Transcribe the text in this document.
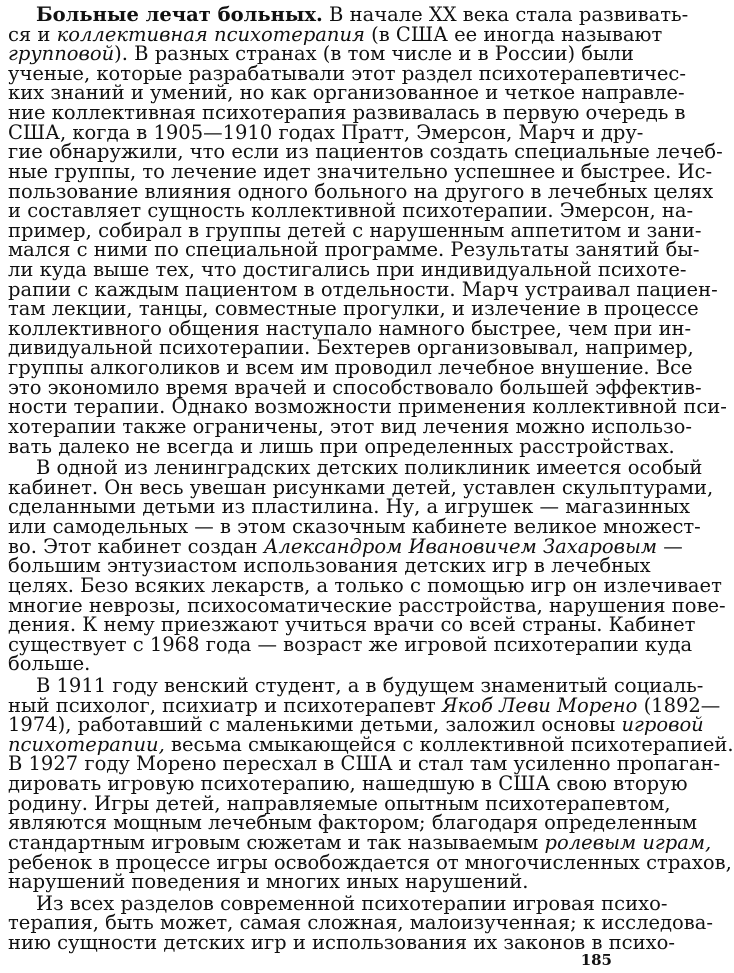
Больные лечат больных. В начале XX века стала развивать-
ся и коллективная психотерапия (в США ее иногда называют
групповой). В разных странах (в том числе и в России) были
ученые, которые разрабатывали этот раздел психотерапевтичес-
ких знаний и умений, но как организованное и четкое направле-
ние коллективная психотерапия развивалась в первую очередь в
США, когда в 1905—1910 годах Пратт, Эмерсон, Марч и дру-
гие обнаружили, что если из пациентов создать специальные лечеб-
ные группы, то лечение идет значительно успешнее и быстрее. Ис-
пользование влияния одного больного на другого в лечебных целях
и составляет сущность коллективной психотерапии. Эмерсон, на-
пример, собирал в группы детей с нарушенным аппетитом и зани-
мался с ними по специальной программе. Результаты занятий бы-
ли куда выше тех, что достигались при индивидуальной психоте-
рапии с каждым пациентом в отдельности. Марч устраивал пациен-
там лекции, танцы, совместные прогулки, и излечение в процессе
коллективного общения наступало намного быстрее, чем при ин-
дивидуальной психотерапии. Бехтерев организовывал, например,
группы алкоголиков и всем им проводил лечебное внушение. Все
это экономило время врачей и способствовало большей эффектив-
ности терапии. Однако возможности применения коллективной пси-
хотерапии также ограничены, этот вид лечения можно использо-
вать далеко не всегда и лишь при определенных расстройствах.
В одной из ленинградских детских поликлиник имеется особый
кабинет. Он весь увешан рисунками детей, уставлен скульптурами,
сделанными детьми из пластилина. Ну, а игрушек — магазинных
или самодельных — в этом сказочным кабинете великое множест-
во. Этот кабинет создан Александром Ивановичем Захаровым —
большим энтузиастом использования детских игр в лечебных
целях. Безо всяких лекарств, а только с помощью игр он излечивает
многие неврозы, психосоматические расстройства, нарушения пове-
дения. К нему приезжают учиться врачи со всей страны. Кабинет
существует с 1968 года — возраст же игровой психотерапии куда
больше.
В 1911 году венский студент, а в будущем знаменитый социаль-
ный психолог, психиатр и психотерапевт Якоб Леви Морено (1892—
1974), работавший с маленькими детьми, заложил основы игровой
психотерапии, весьма смыкающейся с коллективной психотерапией.
В 1927 году Морено пересхал в США и стал там усиленно пропаган-
дировать игровую психотерапию, нашедшую в США свою вторую
родину. Игры детей, направляемые опытным психотерапевтом,
являются мощным лечебным фактором; благодаря определенным
стандартным игровым сюжетам и так называемым ролевым играм,
ребенок в процессе игры освобождается от многочисленных страхов,
нарушений поведения и многих иных нарушений.
Из всех разделов современной психотерапии игровая психо-
терапия, быть может, самая сложная, малоизученная; к исследова-
нию сущности детских игр и использования их законов в психо-
185
